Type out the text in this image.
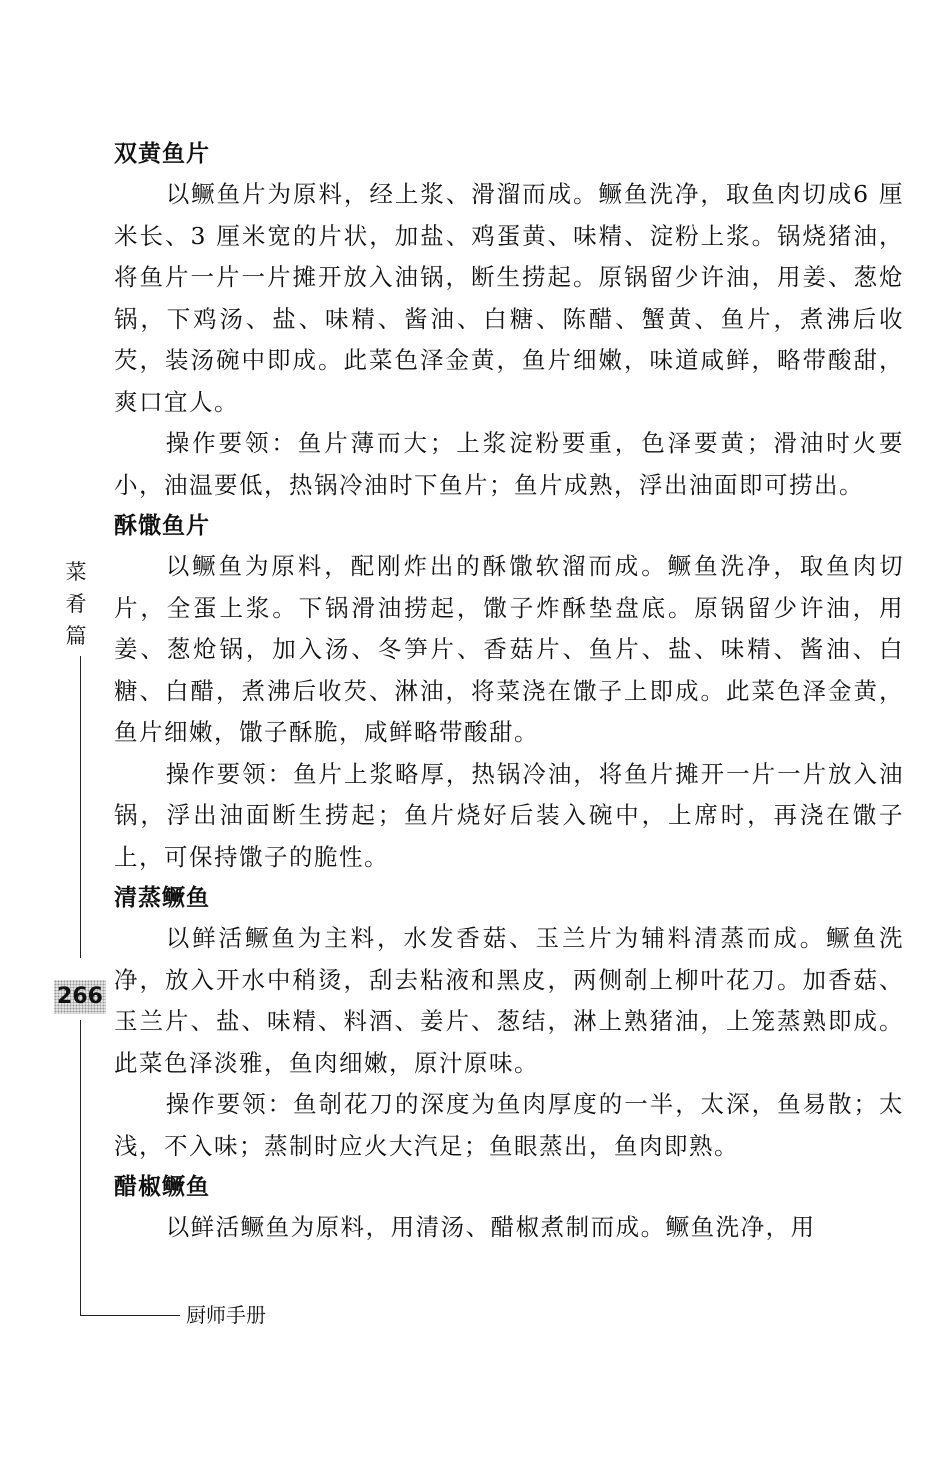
菜
肴
篇
266
厨师手册
双黄鱼片

以鳜鱼片为原料，经上浆、滑溜而成。鳜鱼洗净，取鱼肉切成6 厘米长、3 厘米宽的片状，加盐、鸡蛋黄、味精、淀粉上浆。锅烧猪油，将鱼片一片一片摊开放入油锅，断生捞起。原锅留少许油，用姜、葱炝锅，下鸡汤、盐、味精、酱油、白糖、陈醋、蟹黄、鱼片，煮沸后收芡，装汤碗中即成。此菜色泽金黄，鱼片细嫩，味道咸鲜，略带酸甜，爽口宜人。

操作要领：鱼片薄而大；上浆淀粉要重，色泽要黄；滑油时火要小，油温要低，热锅冷油时下鱼片；鱼片成熟，浮出油面即可捞出。

酥馓鱼片

以鳜鱼为原料，配刚炸出的酥馓软溜而成。鳜鱼洗净，取鱼肉切片，全蛋上浆。下锅滑油捞起，馓子炸酥垫盘底。原锅留少许油，用姜、葱炝锅，加入汤、冬笋片、香菇片、鱼片、盐、味精、酱油、白糖、白醋，煮沸后收芡、淋油，将菜浇在馓子上即成。此菜色泽金黄，鱼片细嫩，馓子酥脆，咸鲜略带酸甜。

操作要领：鱼片上浆略厚，热锅冷油，将鱼片摊开一片一片放入油锅，浮出油面断生捞起；鱼片烧好后装入碗中，上席时，再浇在馓子上，可保持馓子的脆性。

清蒸鳜鱼

以鲜活鳜鱼为主料，水发香菇、玉兰片为辅料清蒸而成。鳜鱼洗净，放入开水中稍烫，刮去粘液和黑皮，两侧剞上柳叶花刀。加香菇、玉兰片、盐、味精、料酒、姜片、葱结，淋上熟猪油，上笼蒸熟即成。此菜色泽淡雅，鱼肉细嫩，原汁原味。

操作要领：鱼剞花刀的深度为鱼肉厚度的一半，太深，鱼易散；太浅，不入味；蒸制时应火大汽足；鱼眼蒸出，鱼肉即熟。

醋椒鳜鱼

以鲜活鳜鱼为原料，用清汤、醋椒煮制而成。鳜鱼洗净，用
